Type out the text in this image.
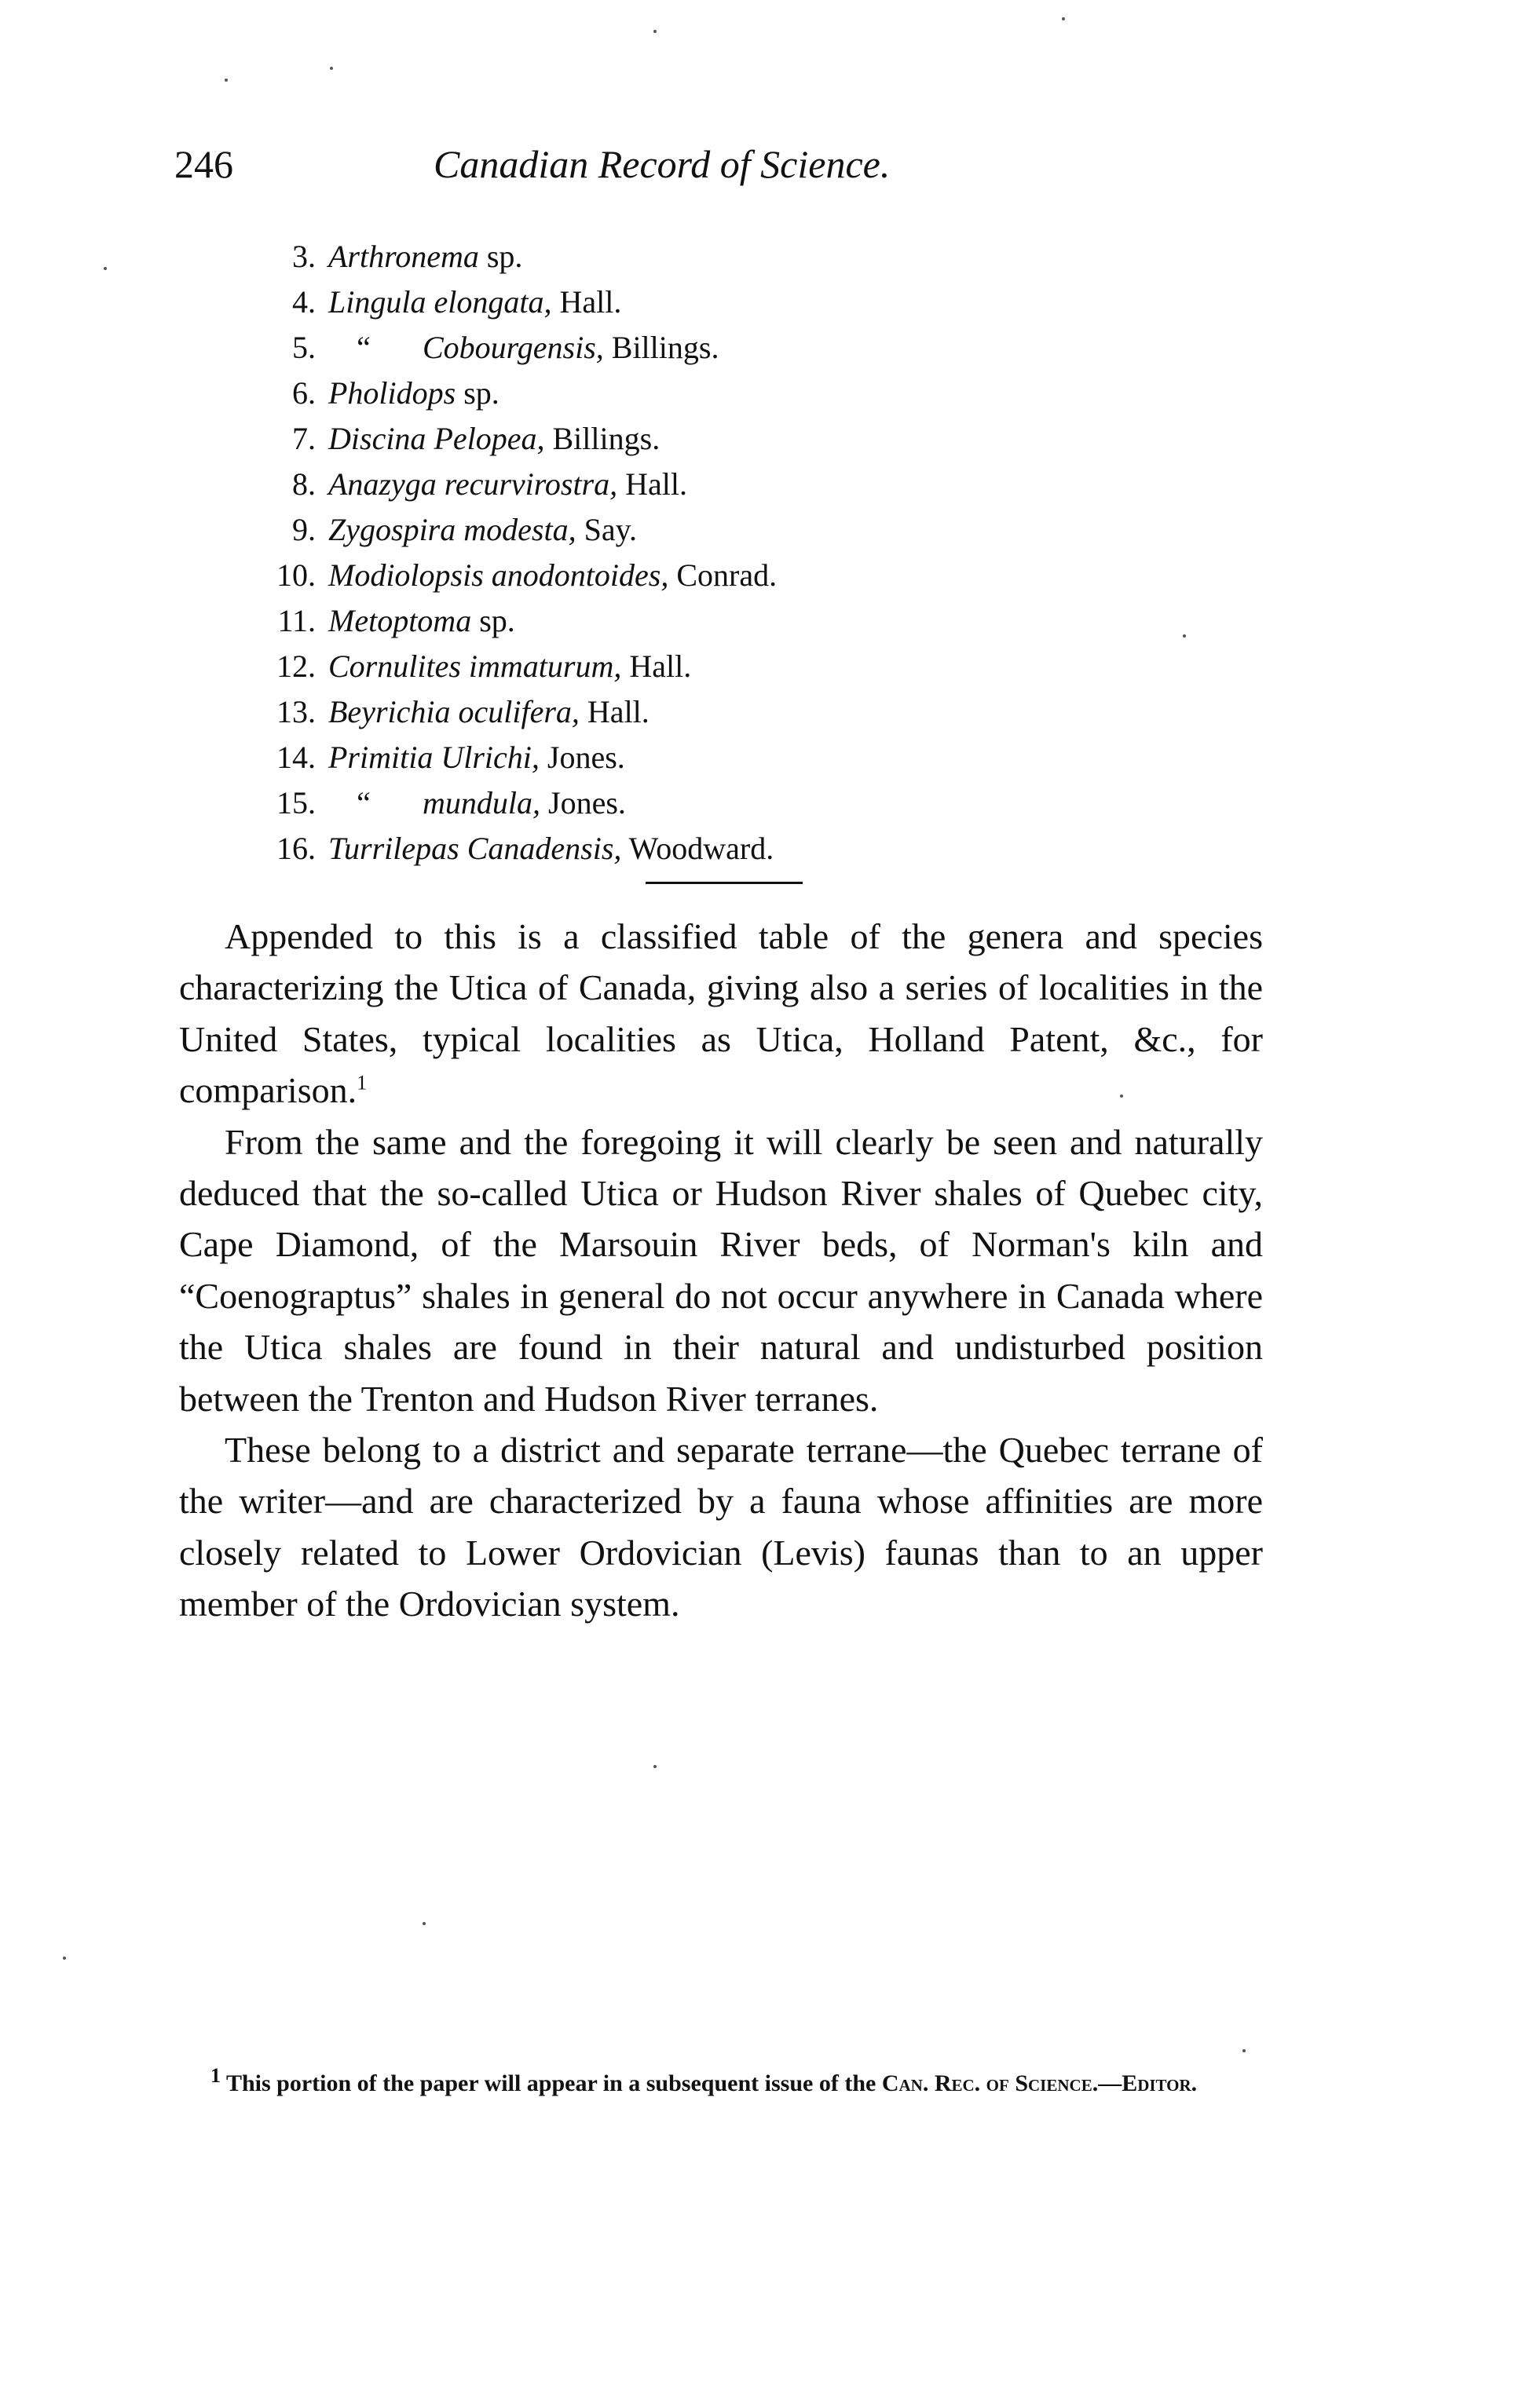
246	Canadian Record of Science.
3. Arthronema sp.
4. Lingula elongata, Hall.
5. “ Cobourgensis, Billings.
6. Pholidops sp.
7. Discina Pelopea, Billings.
8. Anazyga recurvirostra, Hall.
9. Zygospira modesta, Say.
10. Modiolopsis anodontoides, Conrad.
11. Metoptoma sp.
12. Cornulites immaturum, Hall.
13. Beyrichia oculifera, Hall.
14. Primitia Ulrichi, Jones.
15. “ mundula, Jones.
16. Turrilepas Canadensis, Woodward.

Appended to this is a classified table of the genera and species characterizing the Utica of Canada, giving also a series of localities in the United States, typical localities as Utica, Holland Patent, &c., for comparison.$^1$

From the same and the foregoing it will clearly be seen and naturally deduced that the so-called Utica or Hudson River shales of Quebec city, Cape Diamond, of the Marsouin River beds, of Norman's kiln and “Coenograptus” shales in general do not occur anywhere in Canada where the Utica shales are found in their natural and undisturbed position between the Trenton and Hudson River terranes.

These belong to a district and separate terrane—the Quebec terrane of the writer—and are characterized by a fauna whose affinities are more closely related to Lower Ordovician (Levis) faunas than to an upper member of the Ordovician system.

$^1$ This portion of the paper will appear in a subsequent issue of the Can. Rec. of Science.—Editor.
